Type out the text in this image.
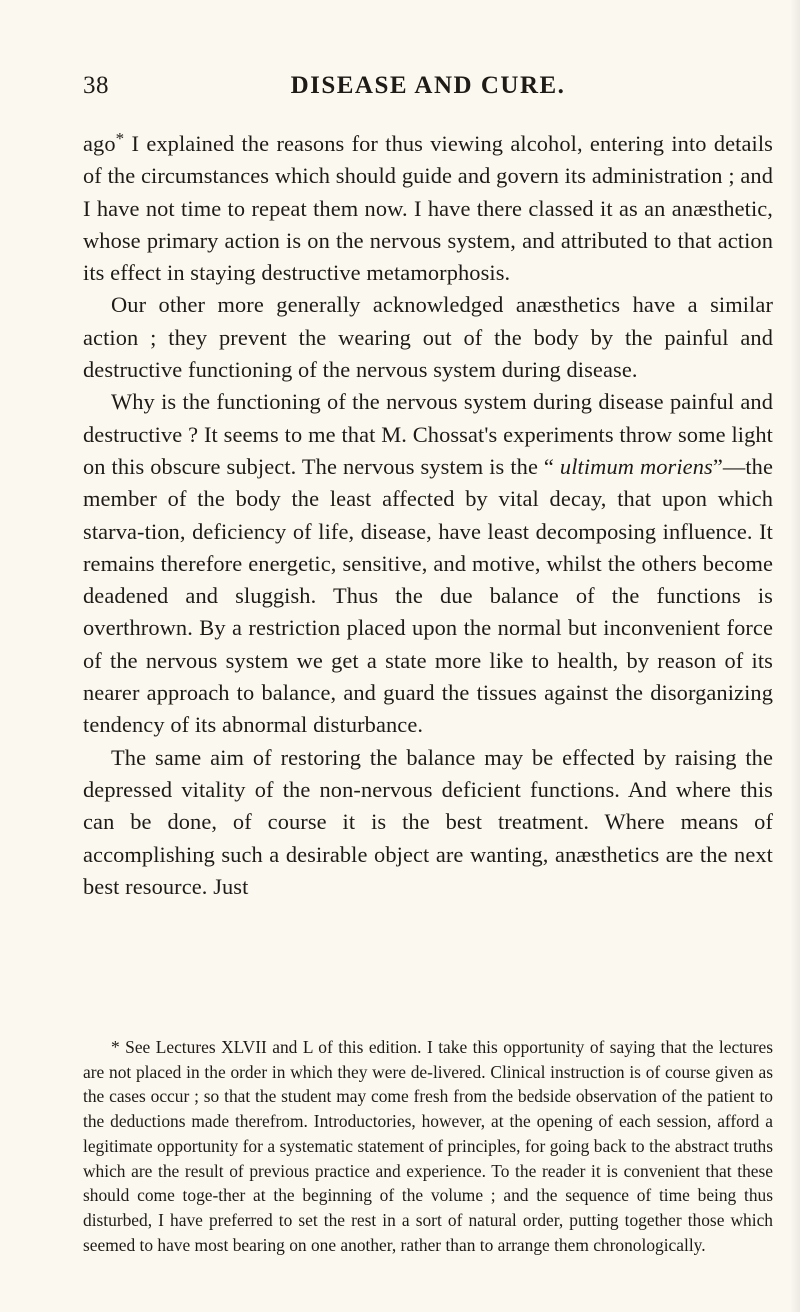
38	DISEASE AND CURE.

ago* I explained the reasons for thus viewing alcohol, entering into details of the circumstances which should guide and govern its administration ; and I have not time to repeat them now. I have there classed it as an anæsthetic, whose primary action is on the nervous system, and attributed to that action its effect in staying destructive metamorphosis.

Our other more generally acknowledged anæsthetics have a similar action ; they prevent the wearing out of the body by the painful and destructive functioning of the nervous system during disease.

Why is the functioning of the nervous system during disease painful and destructive ? It seems to me that M. Chossat's experiments throw some light on this obscure subject. The nervous system is the “ ultimum moriens”—the member of the body the least affected by vital decay, that upon which starva-tion, deficiency of life, disease, have least decomposing influence. It remains therefore energetic, sensitive, and motive, whilst the others become deadened and sluggish. Thus the due balance of the functions is overthrown. By a restriction placed upon the normal but inconvenient force of the nervous system we get a state more like to health, by reason of its nearer approach to balance, and guard the tissues against the disorganizing tendency of its abnormal disturbance.

The same aim of restoring the balance may be effected by raising the depressed vitality of the non-nervous deficient functions. And where this can be done, of course it is the best treatment. Where means of accomplishing such a desirable object are wanting, anæsthetics are the next best resource. Just

* See Lectures XLVII and L of this edition. I take this opportunity of saying that the lectures are not placed in the order in which they were de-livered. Clinical instruction is of course given as the cases occur ; so that the student may come fresh from the bedside observation of the patient to the deductions made therefrom. Introductories, however, at the opening of each session, afford a legitimate opportunity for a systematic statement of principles, for going back to the abstract truths which are the result of previous practice and experience. To the reader it is convenient that these should come toge-ther at the beginning of the volume ; and the sequence of time being thus disturbed, I have preferred to set the rest in a sort of natural order, putting together those which seemed to have most bearing on one another, rather than to arrange them chronologically.
